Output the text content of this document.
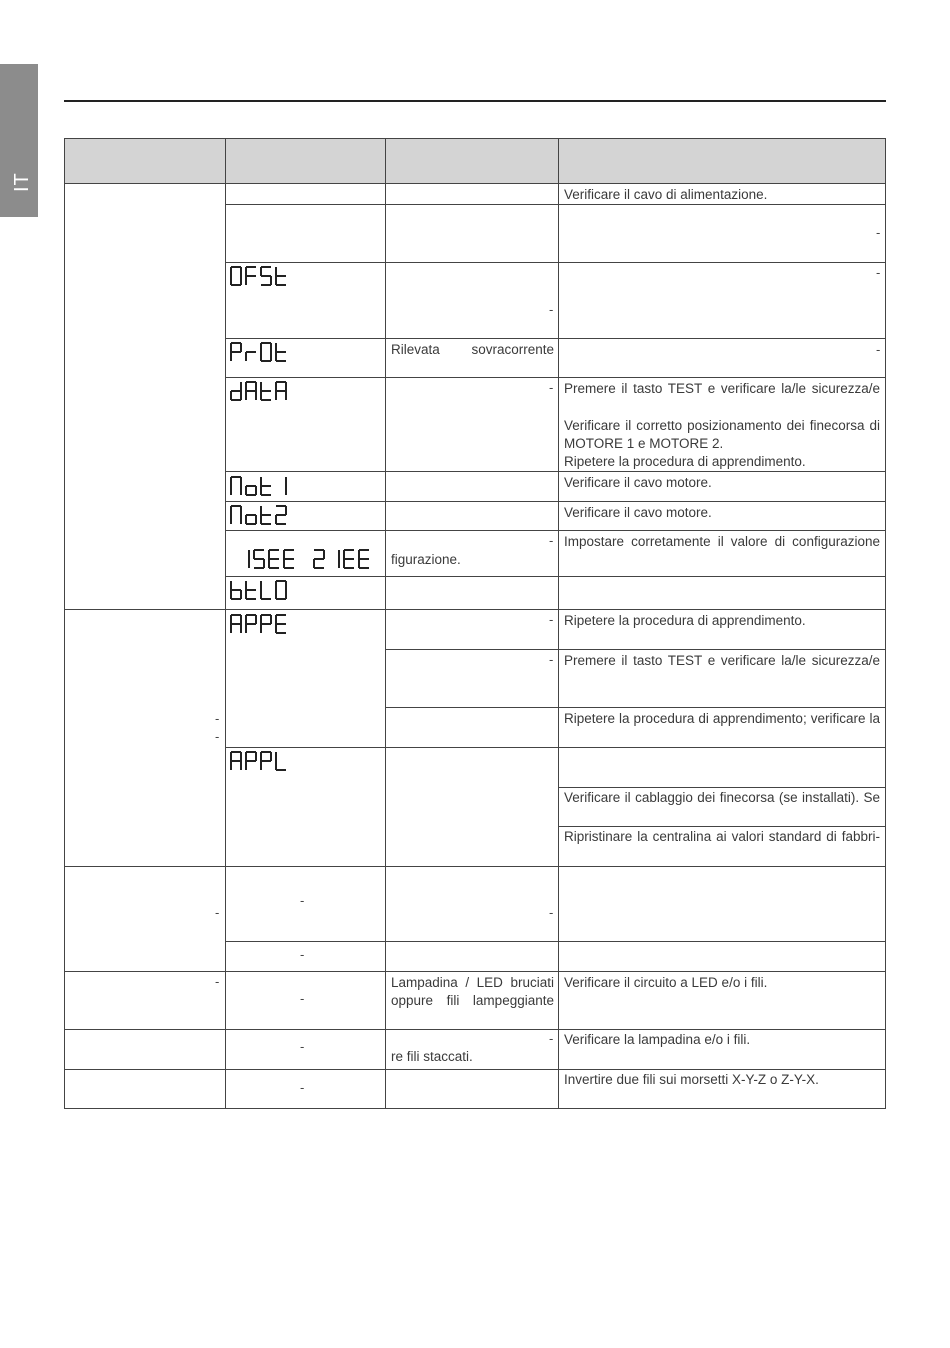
IT
Verificare il cavo di alimentazione.
Rilevata sovracorrente
Premere il tasto TEST e verificare la/le sicurezza/e
Verificare il corretto posizionamento dei finecorsa di
MOTORE 1 e MOTORE 2.
Ripetere la procedura di apprendimento.
Verificare il cavo motore.
Verificare il cavo motore.
figurazione.
Impostare corretamente il valore di configurazione
Ripetere la procedura di apprendimento.
Premere il tasto TEST e verificare la/le sicurezza/e
Ripetere la procedura di apprendimento; verificare la
Verificare il cablaggio dei finecorsa (se installati). Se
Ripristinare la centralina ai valori standard di fabbri-
Lampadina / LED bruciati
oppure fili lampeggiante
Verificare il circuito a LED e/o i fili.
re fili staccati.
Verificare la lampadina e/o i fili.
Invertire due fili sui morsetti X-Y-Z o Z-Y-X.
-
-
-
-
-
-
-
-
-
-
-
-	-
-
-
-
-
-
-
